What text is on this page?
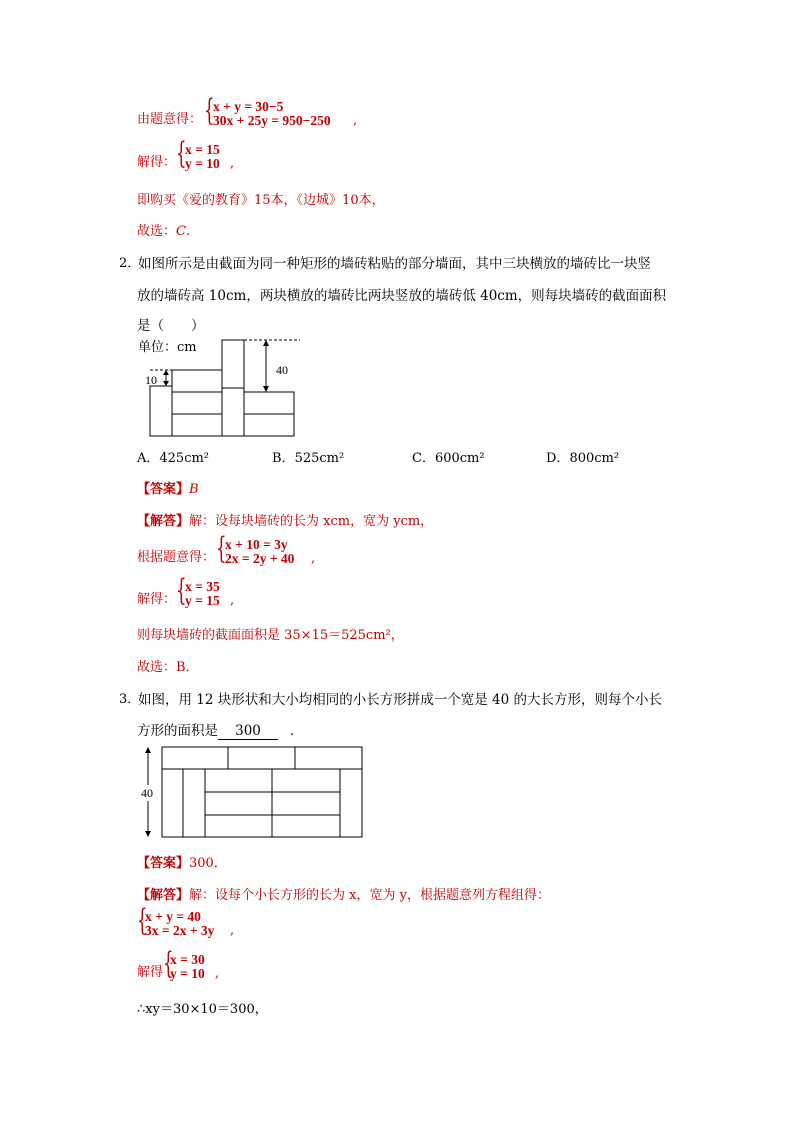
由题意得： {
x + y = 30−5
30x + 25y = 950−250 ,
解得： {
x = 15
y = 10 ,
即购买《爱的教育》15本，《边城》10本，
故选：C.
2．
如图所示是由截面为同一种矩形的墙砖粘贴的部分墙面，其中三块横放的墙砖比一块竖
放的墙砖高 10cm，两块横放的墙砖比两块竖放的墙砖低 40cm，则每块墙砖的截面面积
是（　　）
单位：cm
10
40
A．425cm²	B．525cm²	C．600cm²	D．800cm²
【答案】B
【解答】解：设每块墙砖的长为 xcm，宽为 ycm，
根据题意得： {
x + 10 = 3y
2x = 2y + 40 ,
解得： {
x = 35
y = 15 ,
则每块墙砖的截面面积是 35×15＝525cm²，
故选：B．
3．
如图，用 12 块形状和大小均相同的小长方形拼成一个宽是 40 的大长方形，则每个小长
方形的面积是 300 ．
40
【答案】300．
【解答】解：设每个小长方形的长为 x，宽为 y，根据题意列方程组得：
{
x + y = 40
3x = 2x + 3y ,
解得 {
x = 30
y = 10 ,
∴xy＝30×10＝300，
